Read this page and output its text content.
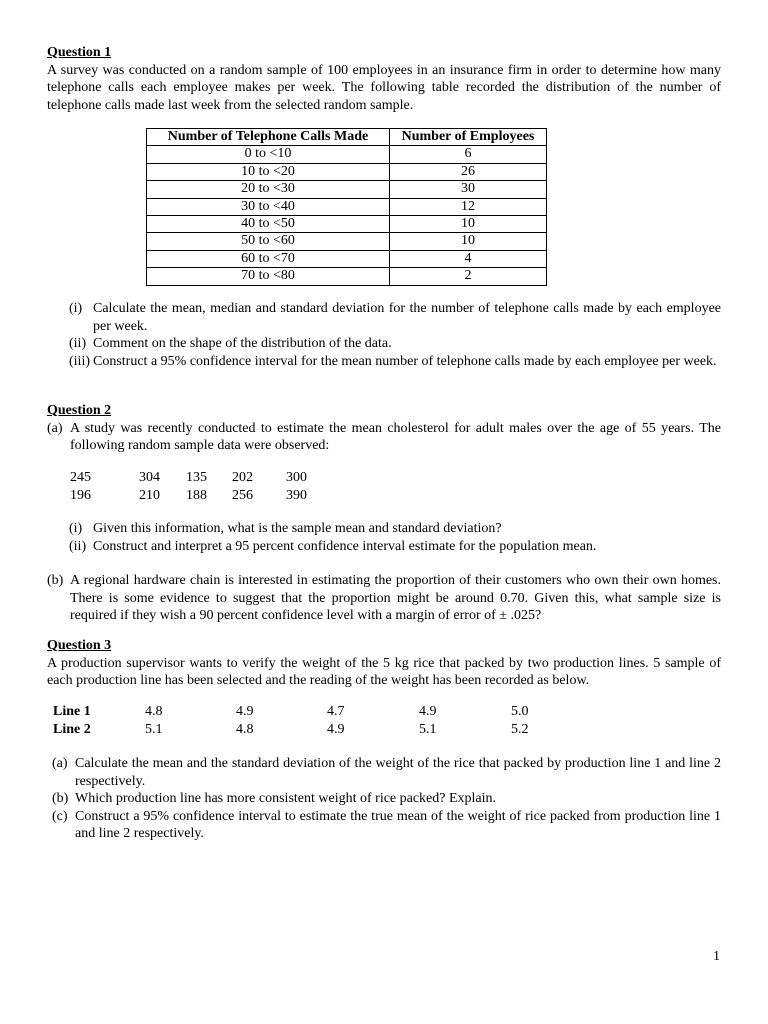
Question 1

A survey was conducted on a random sample of 100 employees in an insurance firm in order to determine how many telephone calls each employee makes per week. The following table recorded the distribution of the number of telephone calls made last week from the selected random sample.

Number of Telephone Calls Made	Number of Employees
0 to <10	6
10 to <20	26
20 to <30	30
30 to <40	12
40 to <50	10
50 to <60	10
60 to <70	4
70 to <80	2
(i) Calculate the mean, median and standard deviation for the number of telephone calls made by each employee per week.
(ii) Comment on the shape of the distribution of the data.
(iii) Construct a 95% confidence interval for the mean number of telephone calls made by each employee per week.

Question 2

(a) A study was recently conducted to estimate the mean cholesterol for adult males over the age of 55 years. The following random sample data were observed:
245	304 135 202 300
196	210 188 256 390
(i) Given this information, what is the sample mean and standard deviation?
(ii) Construct and interpret a 95 percent confidence interval estimate for the population mean.
(b) A regional hardware chain is interested in estimating the proportion of their customers who own their own homes. There is some evidence to suggest that the proportion might be around 0.70. Given this, what sample size is required if they wish a 90 percent confidence level with a margin of error of ± .025?

Question 3

A production supervisor wants to verify the weight of the 5 kg rice that packed by two production lines. 5 sample of each production line has been selected and the reading of the weight has been recorded as below.

Line 1	4.8	4.9	4.7	4.9	5.0
Line 2	5.1	4.8	4.9	5.1	5.2
(a) Calculate the mean and the standard deviation of the weight of the rice that packed by production line 1 and line 2 respectively.
(b) Which production line has more consistent weight of rice packed? Explain.
(c) Construct a 95% confidence interval to estimate the true mean of the weight of rice packed from production line 1 and line 2 respectively.
1
